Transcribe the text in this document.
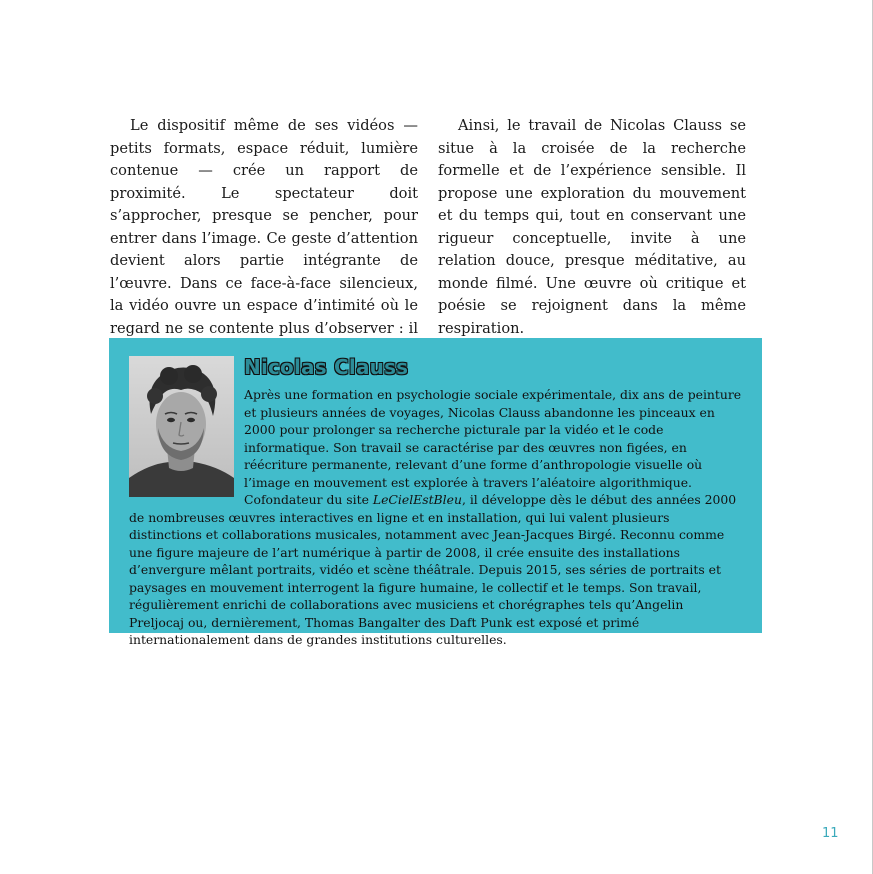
Le dispositif même de ses vidéos — petits formats, espace réduit, lumière contenue — crée un rapport de proximité. Le spectateur doit s’approcher, presque se pencher, pour entrer dans l’image. Ce geste d’attention devient alors partie intégrante de l’œuvre. Dans ce face-à-face silencieux, la vidéo ouvre un espace d’intimité où le regard ne se contente plus d’observer : il

Ainsi, le travail de Nicolas Clauss se situe à la croisée de la recherche formelle et de l’expérience sensible. Il propose une exploration du mouvement et du temps qui, tout en conservant une rigueur conceptuelle, invite à une relation douce, presque méditative, au monde filmé. Une œuvre où critique et poésie se rejoignent dans la même respiration.

Nicolas Clauss

Après une formation en psychologie sociale expérimentale, dix ans de peinture et plusieurs années de voyages, Nicolas Clauss abandonne les pinceaux en 2000 pour prolonger sa recherche picturale par la vidéo et le code informatique. Son travail se caractérise par des œuvres non figées, en réécriture permanente, relevant d’une forme d’anthropologie visuelle où l’image en mouvement est explorée à travers l’aléatoire algorithmique. Cofondateur du site LeCielEstBleu, il développe dès le début des années 2000 de nombreuses œuvres interactives en ligne et en installation, qui lui valent plusieurs distinctions et collaborations musicales, notamment avec Jean-Jacques Birgé. Reconnu comme une figure majeure de l’art numérique à partir de 2008, il crée ensuite des installations d’envergure mêlant portraits, vidéo et scène théâtrale. Depuis 2015, ses séries de portraits et paysages en mouvement interrogent la figure humaine, le collectif et le temps. Son travail, régulièrement enrichi de collaborations avec musiciens et chorégraphes tels qu’Angelin Preljocaj ou, dernièrement, Thomas Bangalter des Daft Punk est exposé et primé internationalement dans de grandes institutions culturelles.

11
